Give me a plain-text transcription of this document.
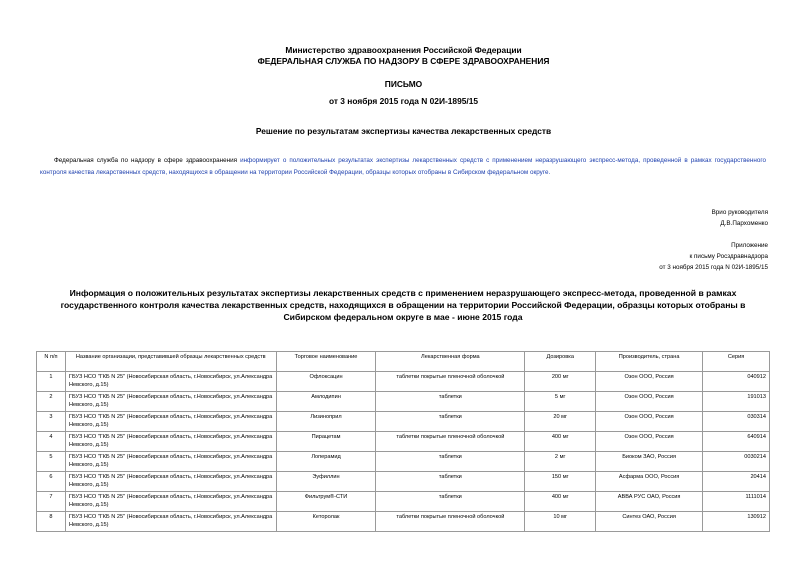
Министерство здравоохранения Российской Федерации
ФЕДЕРАЛЬНАЯ СЛУЖБА ПО НАДЗОРУ В СФЕРЕ ЗДРАВООХРАНЕНИЯ
ПИСЬМО
от 3 ноября 2015 года N 02И-1895/15
Решение по результатам экспертизы качества лекарственных средств
Федеральная служба по надзору в сфере здравоохранения информирует о положительных результатах экспертизы лекарственных средств с применением неразрушающего экспресс-метода, проведенной в рамках государственного контроля качества лекарственных средств, находящихся в обращении на территории Российской Федерации, образцы которых отобраны в Сибирском федеральном округе.
Врио руководителя
Д.В.Пархоменко
Приложение
к письму Росздравнадзора
от 3 ноября 2015 года N 02И-1895/15
Информация о положительных результатах экспертизы лекарственных средств с применением неразрушающего экспресс-метода, проведенной в рамках государственного контроля качества лекарственных средств, находящихся в обращении на территории Российской Федерации, образцы которых отобраны в Сибирском федеральном округе в мае - июне 2015 года
N п/п	Название организации, представившей образцы лекарственных средств	Торговое наименование	Лекарственная форма	Дозировка	Производитель, страна	Серия
1	ГБУЗ НСО "ГКБ N 25" (Новосибирская область, г.Новосибирск, ул.Александра Невского, д.15)	Офлоксацин	таблетки покрытые пленочной оболочкой	200 мг	Озон ООО, Россия	040912
2	ГБУЗ НСО "ГКБ N 25" (Новосибирская область, г.Новосибирск, ул.Александра Невского, д.15)	Амлодипин	таблетки	5 мг	Озон ООО, Россия	191013
3	ГБУЗ НСО "ГКБ N 25" (Новосибирская область, г.Новосибирск, ул.Александра Невского, д.15)	Лизиноприл	таблетки	20 мг	Озон ООО, Россия	030314
4	ГБУЗ НСО "ГКБ N 25" (Новосибирская область, г.Новосибирск, ул.Александра Невского, д.15)	Пирацетам	таблетки покрытые пленочной оболочкой	400 мг	Озон ООО, Россия	640914
5	ГБУЗ НСО "ГКБ N 25" (Новосибирская область, г.Новосибирск, ул.Александра Невского, д.15)	Лоперамид	таблетки	2 мг	Биоком ЗАО, Россия	0030214
6	ГБУЗ НСО "ГКБ N 25" (Новосибирская область, г.Новосибирск, ул.Александра Невского, д.15)	Эуфиллин	таблетки	150 мг	Асфарма ООО, Россия	20414
7	ГБУЗ НСО "ГКБ N 25" (Новосибирская область, г.Новосибирск, ул.Александра Невского, д.15)	Фильтрум®-СТИ	таблетки	400 мг	АВВА РУС ОАО, Россия	1111014
8	ГБУЗ НСО "ГКБ N 25" (Новосибирская область, г.Новосибирск, ул.Александра Невского, д.15)	Кеторолак	таблетки покрытые пленочной оболочкой	10 мг	Синтез ОАО, Россия	130912
